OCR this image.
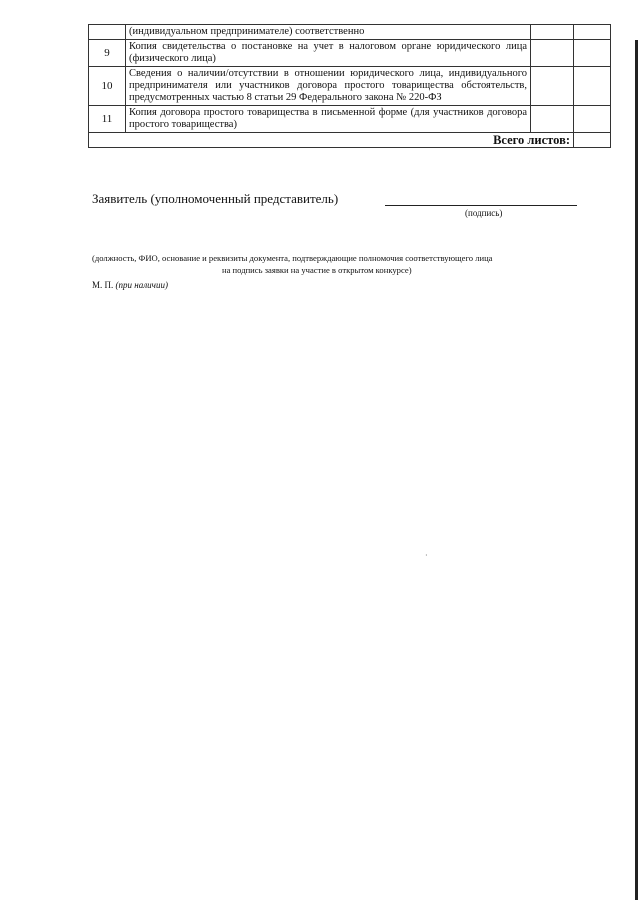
	(индивидуальном предпринимателе) соответственно		
9	Копия свидетельства о постановке на учет в налоговом органе юридического лица (физического лица)		
10	Сведения о наличии/отсутствии в отношении юридического лица, индивидуального предпринимателя или участников договора простого товарищества обстоятельств, предусмотренных частью 8 статьи 29 Федерального закона № 220-ФЗ		
11	Копия договора простого товарищества в письменной форме (для участников договора простого товарищества)		
Всего листов:			
Заявитель (уполномоченный представитель)
(подпись)
(должность, ФИО, основание и реквизиты документа, подтверждающие полномочия соответствующего лица
на подпись заявки на участие в открытом конкурсе)
М. П. (при наличии)
·
